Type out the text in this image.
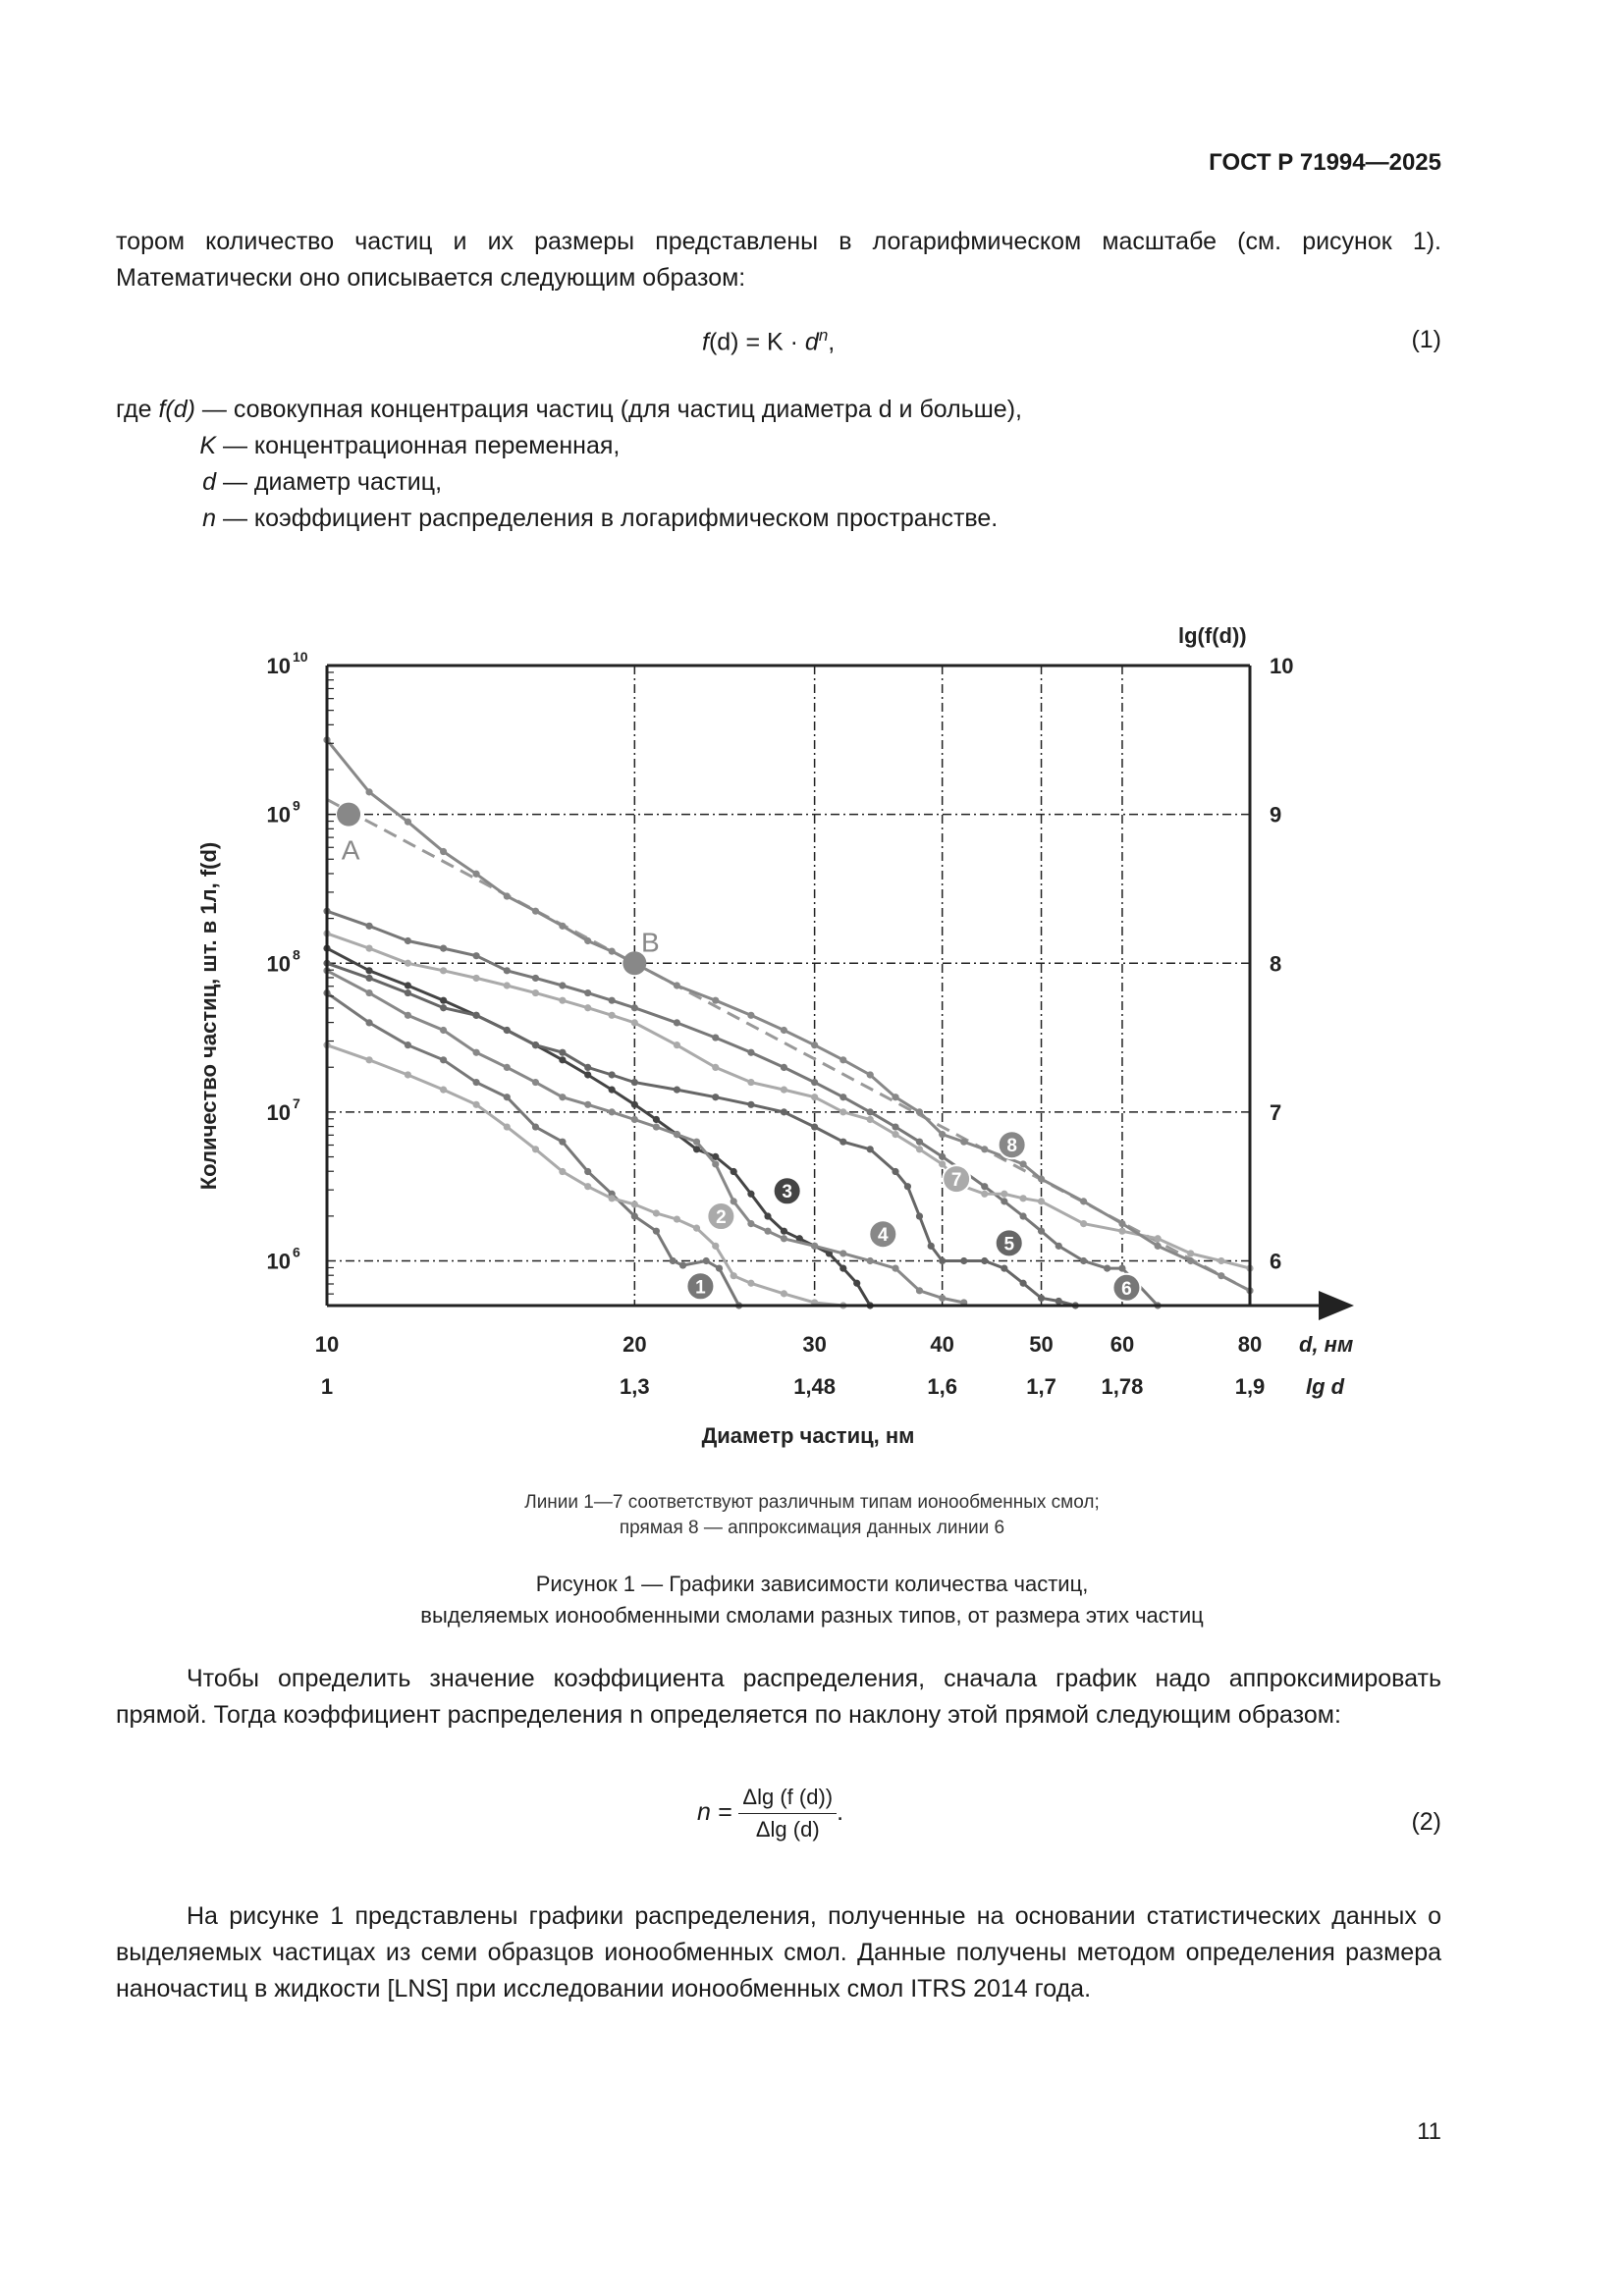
ГОСТ Р 71994—2025
тором количество частиц и их размеры представлены в логарифмическом масштабе (см. рисунок 1). Математически оно описывается следующим образом:
$f(d) = K \cdot d^n$,	(1)
где f(d) — совокупная концентрация частиц (для частиц диаметра d и больше),
K — концентрационная переменная,
d — диаметр частиц,
n — коэффициент распределения в логарифмическом пространстве.
1
2
3
4	5
6
7
8
A
B
10
1
20
1,3
30
1,48
40
1,6
50
1,7
60
1,78
80
1,9
10 10	10
10 9	9
10 8	8
10 7	7
10 6	6
Количество частиц, шт. в 1л, f(d)
Диаметр частиц, нм
lg(f(d))
d, нм
lg d
Линии 1—7 соответствуют различным типам ионообменных смол;
прямая 8 — аппроксимация данных линии 6
Рисунок 1 — Графики зависимости количества частиц,
выделяемых ионообменными смолами разных типов, от размера этих частиц
Чтобы определить значение коэффициента распределения, сначала график надо аппроксимировать прямой. Тогда коэффициент распределения n определяется по наклону этой прямой следующим образом:
$n = \frac{\Delta\lg (f (d))}{\Delta\lg (d)}$ .	(2)
На рисунке 1 представлены графики распределения, полученные на основании статистических данных о выделяемых частицах из семи образцов ионообменных смол. Данные получены методом определения размера наночастиц в жидкости [LNS] при исследовании ионообменных смол ITRS 2014 года.
11
